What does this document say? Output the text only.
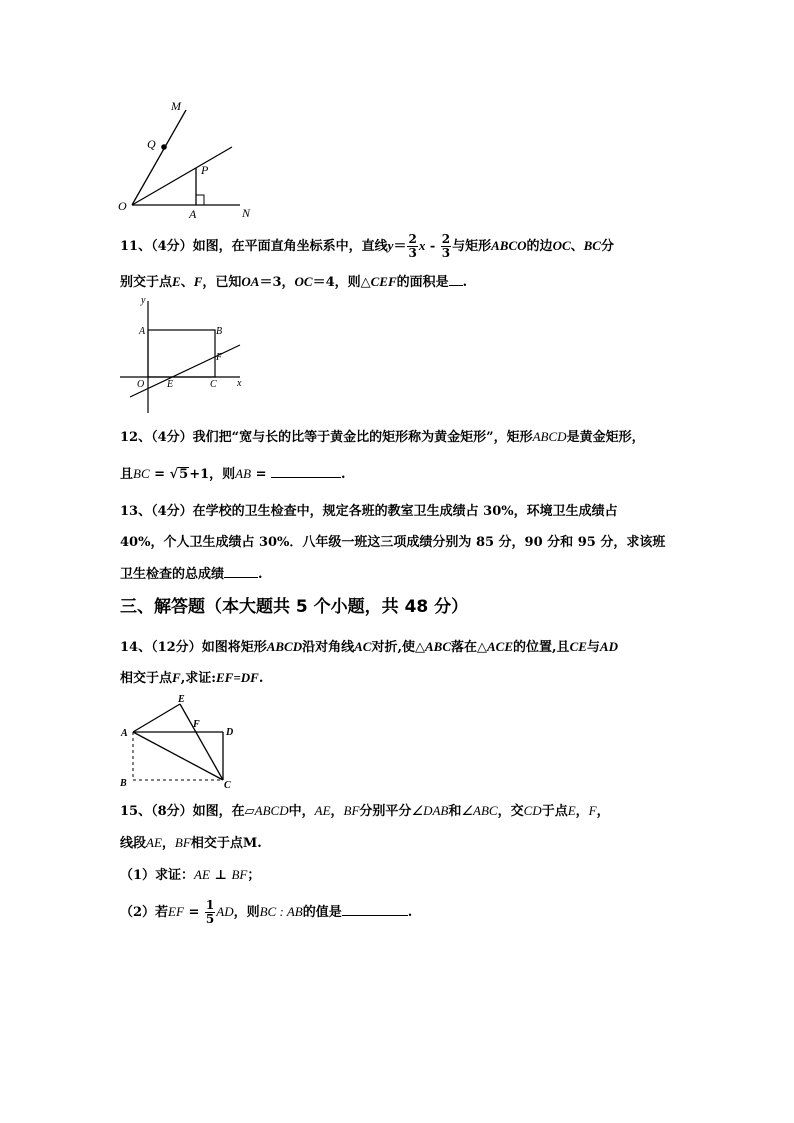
M
Q
P
O
A	N
11、（4分）如图，在平面直角坐标系中，直线$y= \frac{2}{3}$ x - $\frac{2}{3}$ 与矩形ABCO的边OC、BC分
别交于点E、F，已知OA＝3，OC＝4，则△CEF的面积是 .
y
x
A	B
F
O E	C
12、（4分）我们把“宽与长的比等于黄金比的矩形称为黄金矩形”，矩形ABCD是黄金矩形，
且BC = √5+1，则AB =	.
13、（4分）在学校的卫生检查中，规定各班的教室卫生成绩占 30%，环境卫生成绩占
40%，个人卫生成绩占 30%．八年级一班这三项成绩分别为 85 分，90 分和 95 分，求该班
卫生检查的总成绩	.
三、解答题（本大题共 5 个小题，共 48 分）
14、（12分）如图将矩形ABCD沿对角线AC对折,使△ABC落在△ACE的位置,且CE与AD
相交于点F,求证:EF=DF.
E
F
A	D
B	C
15、（8分）如图，在▱ABCD中，AE，BF分别平分∠DAB和∠ABC，交CD于点E，F，
线段AE，BF相交于点M.
（1）求证：AE ⊥ BF；
（2）若EF = $\frac{1}{5}$ AD，则BC : AB的值是	.
